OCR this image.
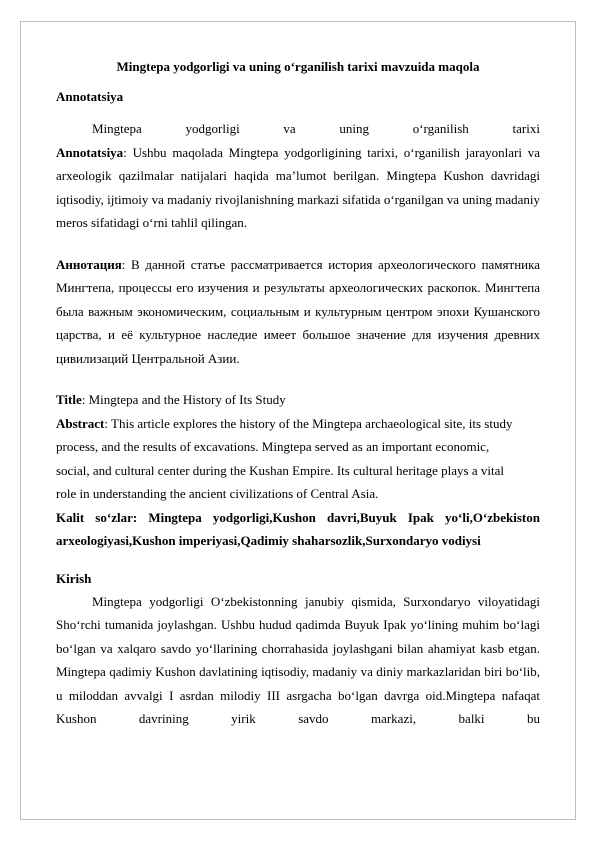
Mingtepa yodgorligi va uning o‘rganilish tarixi mavzuida maqola

Annotatsiya

Mingtepa	yodgorligi	va	uning	o‘rganilish	tarixi

Annotatsiya: Ushbu maqolada Mingtepa yodgorligining tarixi, o‘rganilish jarayonlari va arxeologik qazilmalar natijalari haqida ma’lumot berilgan. Mingtepa Kushon davridagi iqtisodiy, ijtimoiy va madaniy rivojlanishning markazi sifatida o‘rganilgan va uning madaniy meros sifatidagi o‘rni tahlil qilingan.

Аннотация: В данной статье рассматривается история археологического памятника Мингтепа, процессы его изучения и результаты археологических раскопок. Мингтепа была важным экономическим, социальным и культурным центром эпохи Кушанского царства, и её культурное наследие имеет большое значение для изучения древних цивилизаций Центральной Азии.

Title: Mingtepa and the History of Its Study

Abstract: This article explores the history of the Mingtepa archaeological site, its study
process, and the results of excavations. Mingtepa served as an important economic,
social, and cultural center during the Kushan Empire. Its cultural heritage plays a vital
role in understanding the ancient civilizations of Central Asia.

Kalit so‘zlar: Mingtepa yodgorligi,Kushon davri,Buyuk Ipak yo‘li,O‘zbekiston arxeologiyasi,Kushon imperiyasi,Qadimiy shaharsozlik,Surxondaryo vodiysi

Kirish

Mingtepa yodgorligi O‘zbekistonning janubiy qismida, Surxondaryo viloyatidagi Sho‘rchi tumanida joylashgan. Ushbu hudud qadimda Buyuk Ipak yo‘lining muhim bo‘lagi bo‘lgan va xalqaro savdo yo‘llarining chorrahasida joylashgani bilan ahamiyat kasb etgan. Mingtepa qadimiy Kushon davlatining iqtisodiy, madaniy va diniy markazlaridan biri bo‘lib, u miloddan avvalgi I asrdan milodiy III asrgacha bo‘lgan davrga oid.Mingtepa nafaqat Kushon davrining yirik savdo markazi, balki bu
